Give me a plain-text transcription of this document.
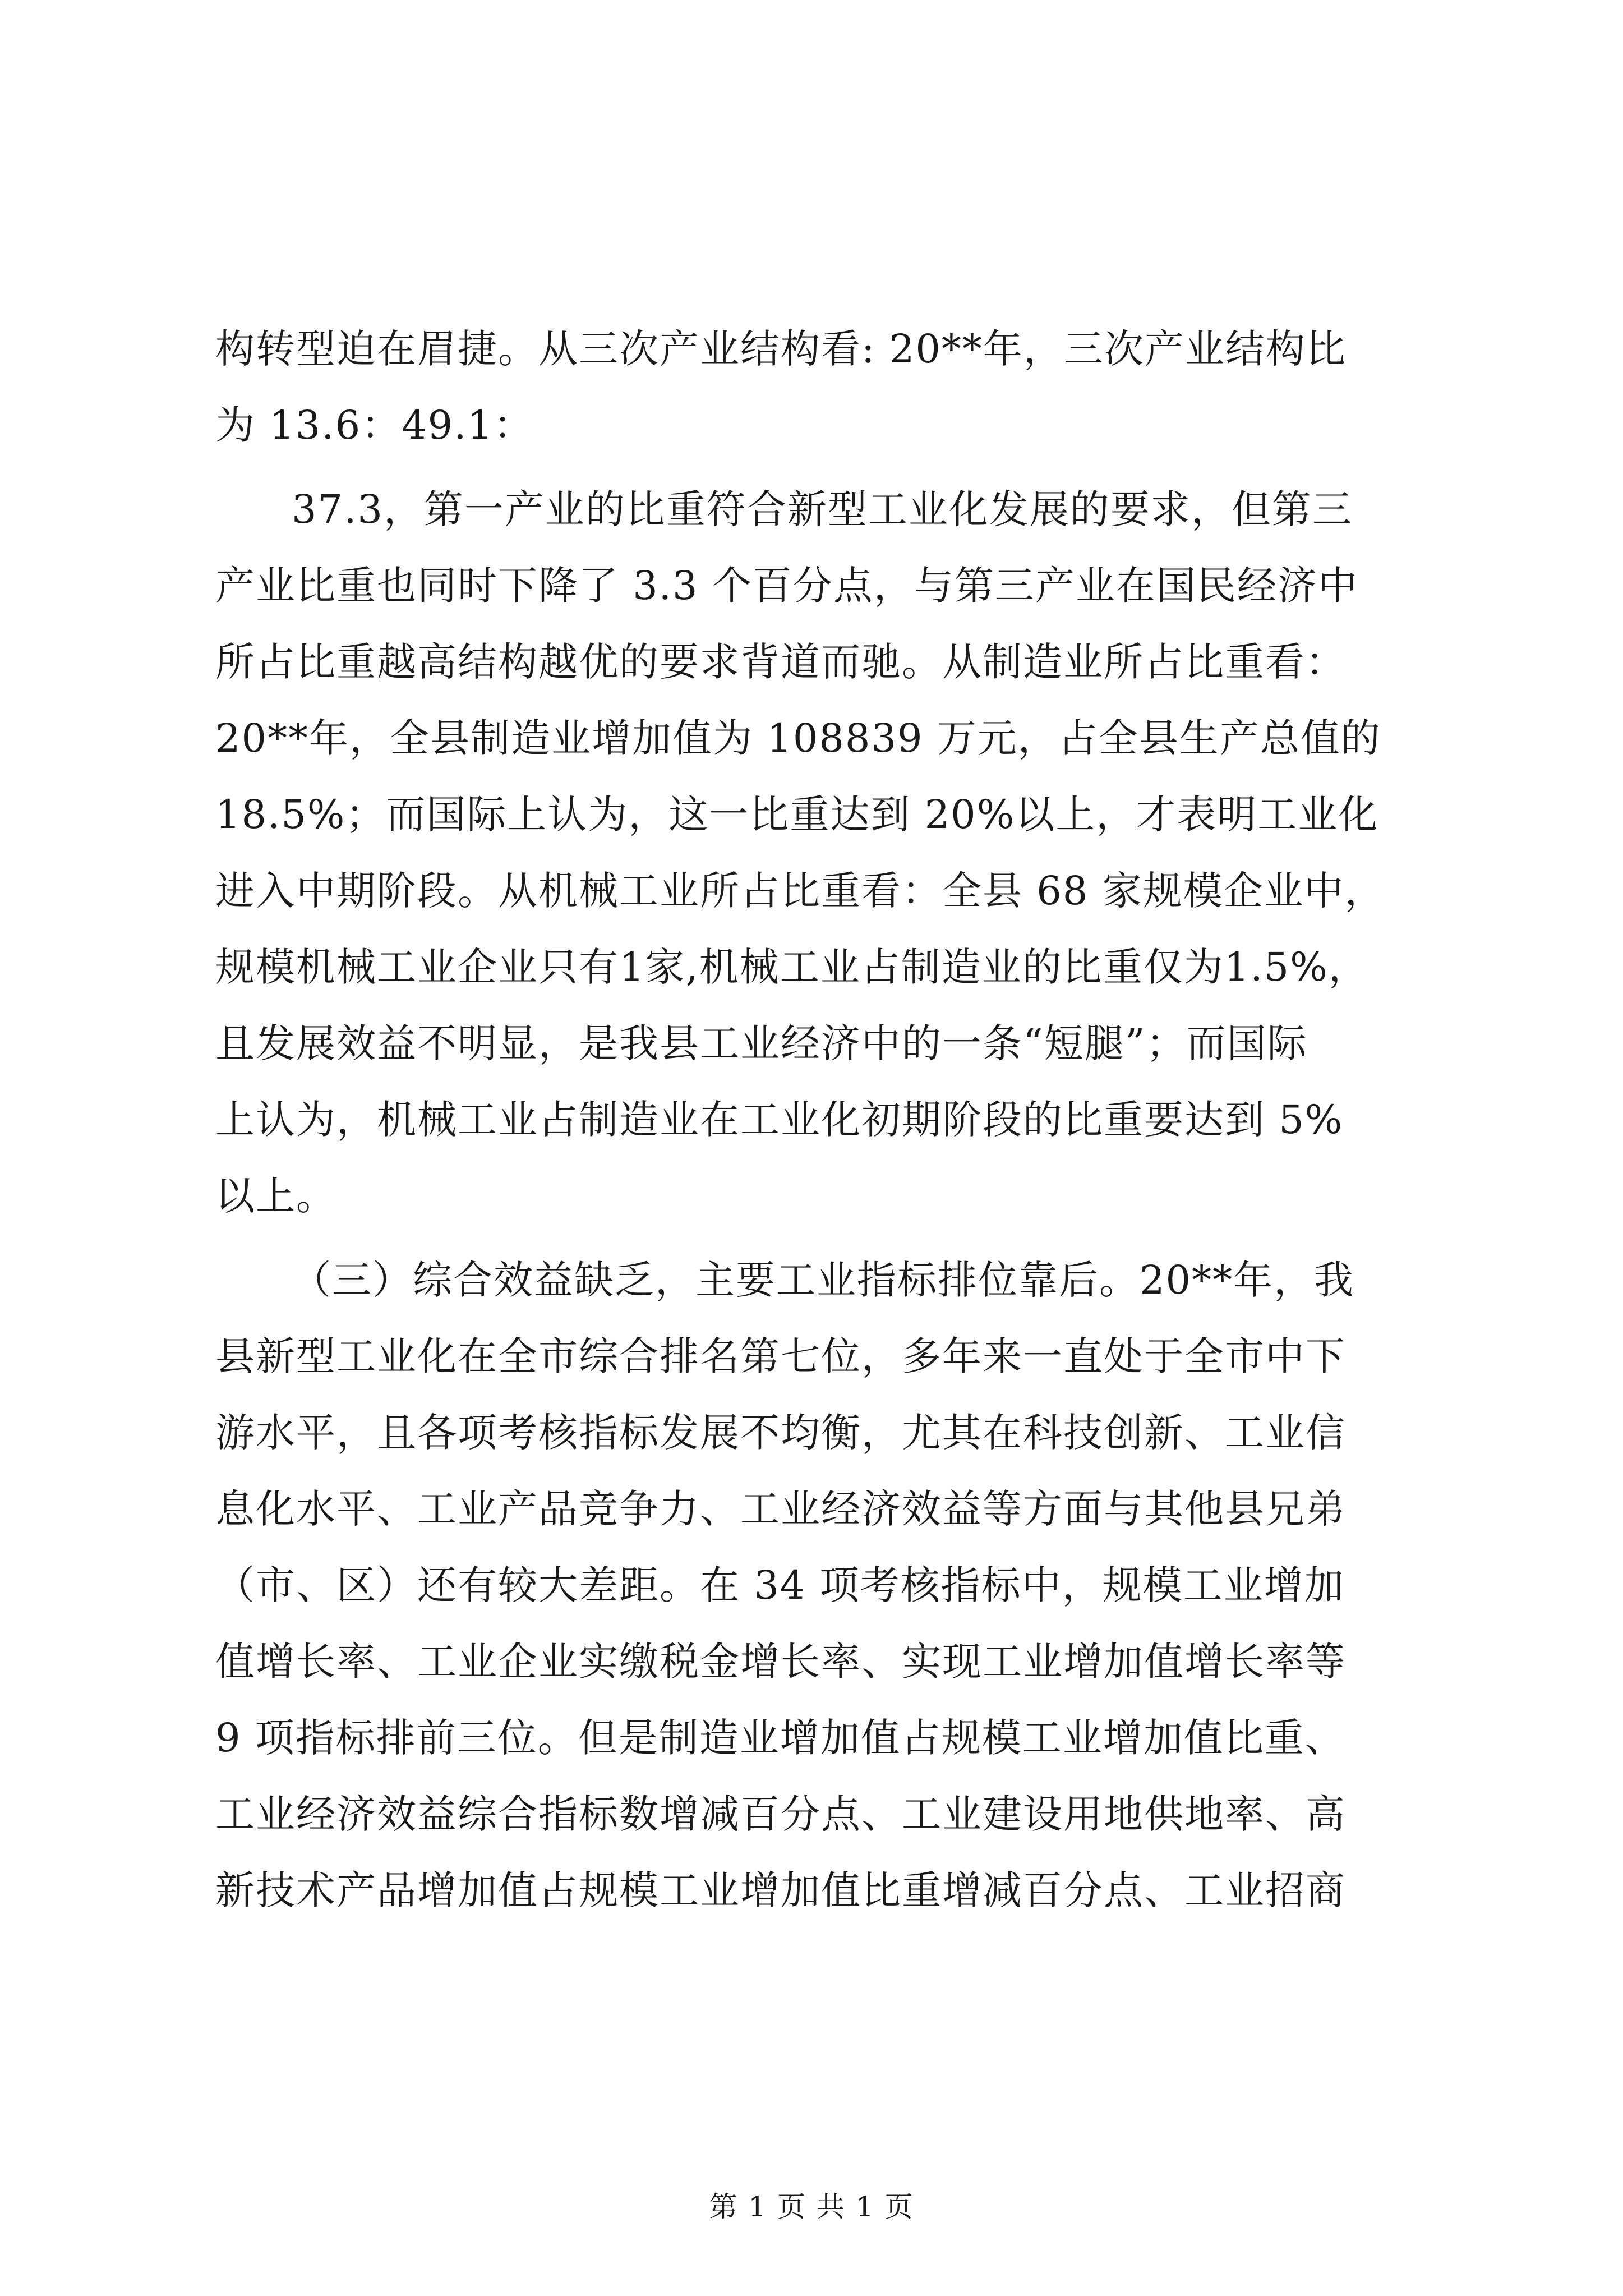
构转型迫在眉捷。从三次产业结构看: 20**年，三次产业结构比
为 13.6：49.1：
37.3，第一产业的比重符合新型工业化发展的要求，但第三
产业比重也同时下降了 3.3 个百分点，与第三产业在国民经济中
所占比重越高结构越优的要求背道而驰。从制造业所占比重看：
20**年，全县制造业增加值为 108839 万元，占全县生产总值的
18.5%；而国际上认为，这一比重达到 20%以上，才表明工业化
进入中期阶段。从机械工业所占比重看：全县 68 家规模企业中，
规模机械工业企业只有1家,机械工业占制造业的比重仅为1.5%，
且发展效益不明显，是我县工业经济中的一条“短腿”；而国际
上认为，机械工业占制造业在工业化初期阶段的比重要达到 5%
以上。
（三）综合效益缺乏，主要工业指标排位靠后。20**年，我
县新型工业化在全市综合排名第七位，多年来一直处于全市中下
游水平，且各项考核指标发展不均衡，尤其在科技创新、工业信
息化水平、工业产品竞争力、工业经济效益等方面与其他县兄弟
（市、区）还有较大差距。在 34 项考核指标中，规模工业增加
值增长率、工业企业实缴税金增长率、实现工业增加值增长率等
9 项指标排前三位。但是制造业增加值占规模工业增加值比重、
工业经济效益综合指标数增减百分点、工业建设用地供地率、高
新技术产品增加值占规模工业增加值比重增减百分点、工业招商
第 1 页 共 1 页
